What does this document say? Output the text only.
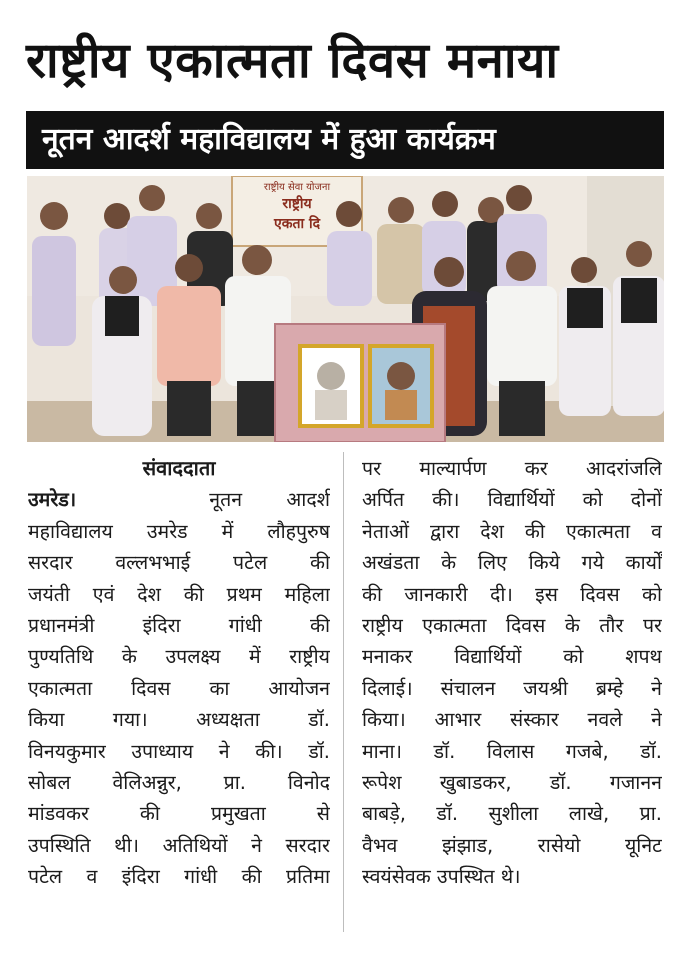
राष्ट्रीय एकात्मता दिवस मनाया
नूतन आदर्श महाविद्यालय में हुआ कार्यक्रम
राष्ट्रीय सेवा योजना
राष्ट्रीय
एकता दि
संवाददाता
उमरेड।	नूतन आदर्श
महाविद्यालय उमरेड में लौहपुरुष
सरदार वल्लभभाई पटेल की
जयंती एवं देश की प्रथम महिला
प्रधानमंत्री इंदिरा गांधी की
पुण्यतिथि के उपलक्ष्य में राष्ट्रीय
एकात्मता दिवस का आयोजन
किया गया। अध्यक्षता डॉ.
विनयकुमार उपाध्याय ने की। डॉ.
सोबल वेलिअन्नुर, प्रा. विनोद
मांडवकर की प्रमुखता से
उपस्थिति थी। अतिथियों ने सरदार
पटेल व इंदिरा गांधी की प्रतिमा
पर माल्यार्पण कर आदरांजलि
अर्पित की। विद्यार्थियों को दोनों
नेताओं द्वारा देश की एकात्मता व
अखंडता के लिए किये गये कार्यों
की जानकारी दी। इस दिवस को
राष्ट्रीय एकात्मता दिवस के तौर पर
मनाकर विद्यार्थियों को शपथ
दिलाई। संचालन जयश्री ब्रम्हे ने
किया। आभार संस्कार नवले ने
माना। डॉ. विलास गजबे, डॉ.
रूपेश खुबाडकर, डॉ. गजानन
बाबड़े, डॉ. सुशीला लाखे, प्रा.
वैभव झंझाड, रासेयो यूनिट
स्वयंसेवक उपस्थित थे।
